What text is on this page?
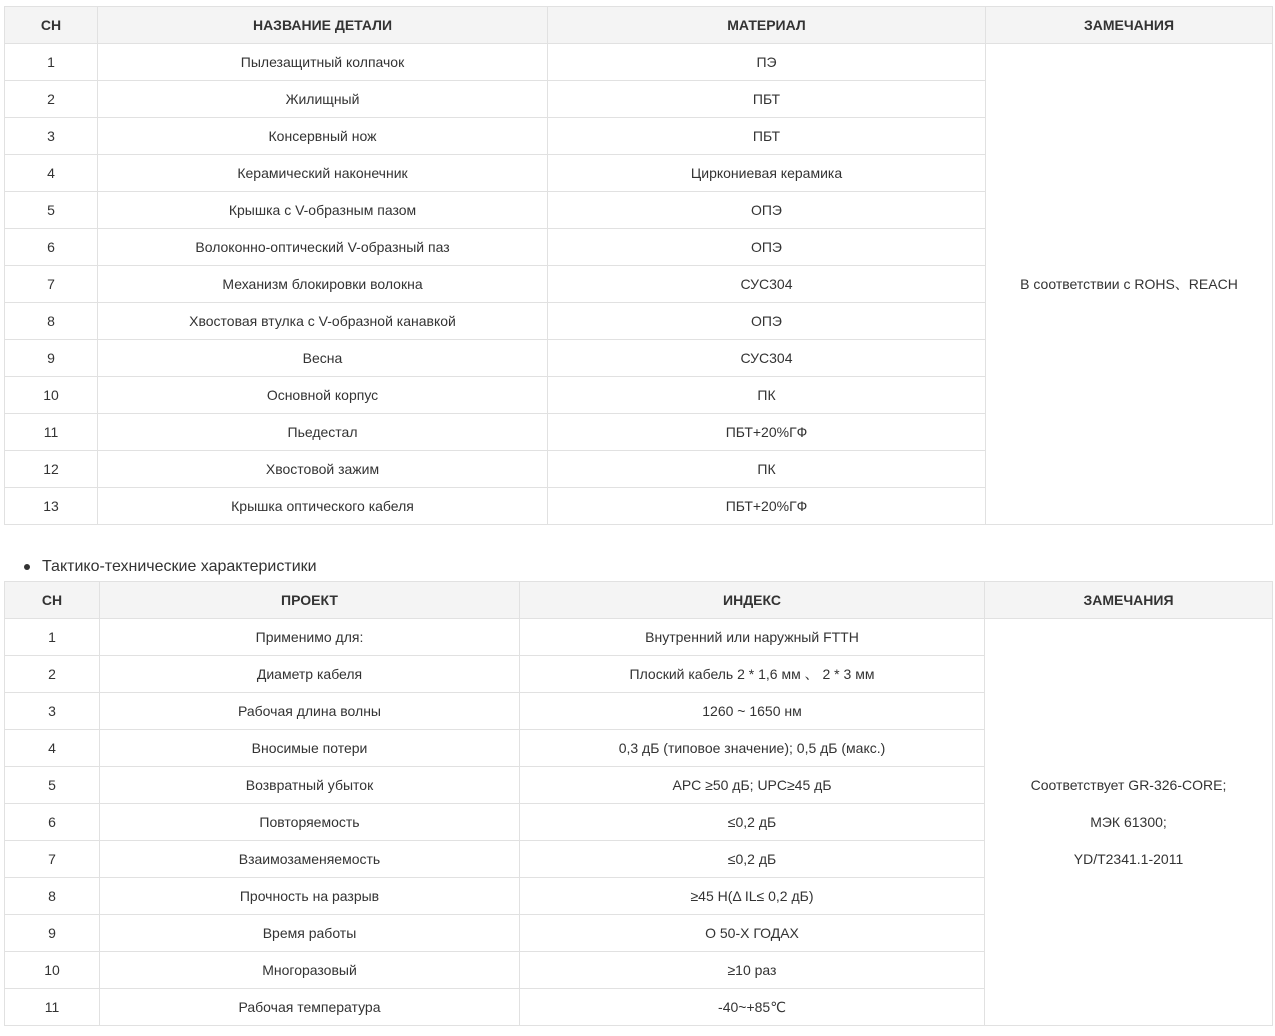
СН	НАЗВАНИЕ ДЕТАЛИ	МАТЕРИАЛ	ЗАМЕЧАНИЯ
1	Пылезащитный колпачок	ПЭ	В соответствии с ROHS、REACH
2	Жилищный	ПБТ	
3	Консервный нож	ПБТ	
4	Керамический наконечник	Циркониевая керамика	
5	Крышка с V-образным пазом	ОПЭ	
6	Волоконно-оптический V-образный паз	ОПЭ	
7	Механизм блокировки волокна	СУС304	
8	Хвостовая втулка с V-образной канавкой	ОПЭ	
9	Весна	СУС304	
10	Основной корпус	ПК	
11	Пьедестал	ПБТ+20%ГФ	
12	Хвостовой зажим	ПК	
13	Крышка оптического кабеля	ПБТ+20%ГФ	
Тактико-технические характеристики
СН	ПРОЕКТ	ИНДЕКС	ЗАМЕЧАНИЯ
1	Применимо для:	Внутренний или наружный FTTH	Соответствует GR-326-CORE;
МЭК 61300;
YD/T2341.1-2011

2	Диаметр кабеля	Плоский кабель 2 * 1,6 мм 、 2 * 3 мм	
3	Рабочая длина волны	1260 ~ 1650 нм	
4	Вносимые потери	0,3 дБ (типовое значение); 0,5 дБ (макс.)	
5	Возвратный убыток	APC ≥50 дБ; UPC≥45 дБ	
6	Повторяемость	≤0,2 дБ	
7	Взаимозаменяемость	≤0,2 дБ	
8	Прочность на разрыв	≥45 Н(Δ IL≤ 0,2 дБ)	
9	Время работы	О 50-Х ГОДАХ	
10	Многоразовый	≥10 раз	
11	Рабочая температура	-40~+85℃	
